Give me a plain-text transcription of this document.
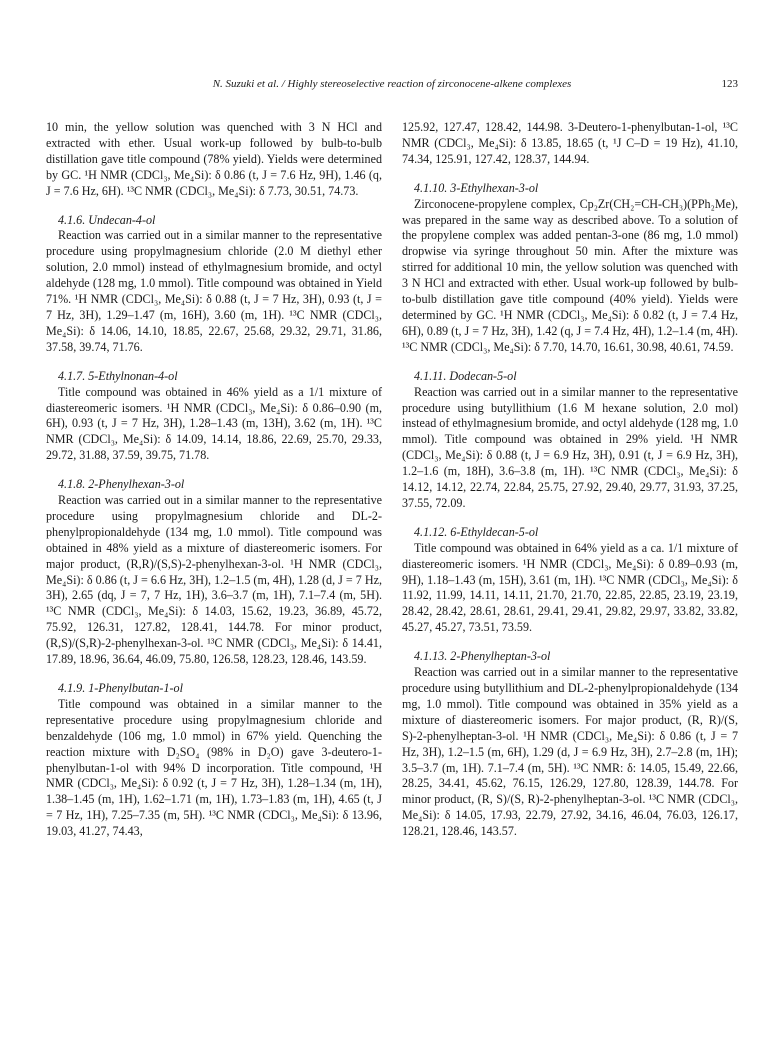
N. Suzuki et al. / Highly stereoselective reaction of zirconocene-alkene complexes	123

10 min, the yellow solution was quenched with 3 N HCl and extracted with ether. Usual work-up followed by bulb-to-bulb distillation gave title compound (78% yield). Yields were determined by GC. ¹H NMR (CDCl₃, Me₄Si): δ 0.86 (t, J = 7.6 Hz, 9H), 1.46 (q, J = 7.6 Hz, 6H). ¹³C NMR (CDCl₃, Me₄Si): δ 7.73, 30.51, 74.73.

4.1.6. Undecan-4-ol

Reaction was carried out in a similar manner to the representative procedure using propylmagnesium chloride (2.0 M diethyl ether solution, 2.0 mmol) instead of ethylmagnesium bromide, and octyl aldehyde (128 mg, 1.0 mmol). Title compound was obtained in Yield 71%. ¹H NMR (CDCl₃, Me₄Si): δ 0.88 (t, J = 7 Hz, 3H), 0.93 (t, J = 7 Hz, 3H), 1.29–1.47 (m, 16H), 3.60 (m, 1H). ¹³C NMR (CDCl₃, Me₄Si): δ 14.06, 14.10, 18.85, 22.67, 25.68, 29.32, 29.71, 31.86, 37.58, 39.74, 71.76.

4.1.7. 5-Ethylnonan-4-ol

Title compound was obtained in 46% yield as a 1/1 mixture of diastereomeric isomers. ¹H NMR (CDCl₃, Me₄Si): δ 0.86–0.90 (m, 6H), 0.93 (t, J = 7 Hz, 3H), 1.28–1.43 (m, 13H), 3.62 (m, 1H). ¹³C NMR (CDCl₃, Me₄Si): δ 14.09, 14.14, 18.86, 22.69, 25.70, 29.33, 29.72, 31.88, 37.59, 39.75, 71.78.

4.1.8. 2-Phenylhexan-3-ol

Reaction was carried out in a similar manner to the representative procedure using propylmagnesium chloride and DL-2-phenylpropionaldehyde (134 mg, 1.0 mmol). Title compound was obtained in 48% yield as a mixture of diastereomeric isomers. For major product, (R,R)/(S,S)-2-phenylhexan-3-ol. ¹H NMR (CDCl₃, Me₄Si): δ 0.86 (t, J = 6.6 Hz, 3H), 1.2–1.5 (m, 4H), 1.28 (d, J = 7 Hz, 3H), 2.65 (dq, J = 7, 7 Hz, 1H), 3.6–3.7 (m, 1H), 7.1–7.4 (m, 5H). ¹³C NMR (CDCl₃, Me₄Si): δ 14.03, 15.62, 19.23, 36.89, 45.72, 75.92, 126.31, 127.82, 128.41, 144.78. For minor product, (R,S)/(S,R)-2-phenylhexan-3-ol. ¹³C NMR (CDCl₃, Me₄Si): δ 14.41, 17.89, 18.96, 36.64, 46.09, 75.80, 126.58, 128.23, 128.46, 143.59.

4.1.9. 1-Phenylbutan-1-ol

Title compound was obtained in a similar manner to the representative procedure using propylmagnesium chloride and benzaldehyde (106 mg, 1.0 mmol) in 67% yield. Quenching the reaction mixture with D₂SO₄ (98% in D₂O) gave 3-deutero-1-phenylbutan-1-ol with 94% D incorporation. Title compound, ¹H NMR (CDCl₃, Me₄Si): δ 0.92 (t, J = 7 Hz, 3H), 1.28–1.34 (m, 1H), 1.38–1.45 (m, 1H), 1.62–1.71 (m, 1H), 1.73–1.83 (m, 1H), 4.65 (t, J = 7 Hz, 1H), 7.25–7.35 (m, 5H). ¹³C NMR (CDCl₃, Me₄Si): δ 13.96, 19.03, 41.27, 74.43,

125.92, 127.47, 128.42, 144.98. 3-Deutero-1-phenylbutan-1-ol, ¹³C NMR (CDCl₃, Me₄Si): δ 13.85, 18.65 (t, ¹J C–D = 19 Hz), 41.10, 74.34, 125.91, 127.42, 128.37, 144.94.

4.1.10. 3-Ethylhexan-3-ol

Zirconocene-propylene complex, Cp₂Zr(CH₂=CH-CH₃)(PPh₂Me), was prepared in the same way as described above. To a solution of the propylene complex was added pentan-3-one (86 mg, 1.0 mmol) dropwise via syringe throughout 50 min. After the mixture was stirred for additional 10 min, the yellow solution was quenched with 3 N HCl and extracted with ether. Usual work-up followed by bulb-to-bulb distillation gave title compound (40% yield). Yields were determined by GC. ¹H NMR (CDCl₃, Me₄Si): δ 0.82 (t, J = 7.4 Hz, 6H), 0.89 (t, J = 7 Hz, 3H), 1.42 (q, J = 7.4 Hz, 4H), 1.2–1.4 (m, 4H). ¹³C NMR (CDCl₃, Me₄Si): δ 7.70, 14.70, 16.61, 30.98, 40.61, 74.59.

4.1.11. Dodecan-5-ol

Reaction was carried out in a similar manner to the representative procedure using butyllithium (1.6 M hexane solution, 2.0 mol) instead of ethylmagnesium bromide, and octyl aldehyde (128 mg, 1.0 mmol). Title compound was obtained in 29% yield. ¹H NMR (CDCl₃, Me₄Si): δ 0.88 (t, J = 6.9 Hz, 3H), 0.91 (t, J = 6.9 Hz, 3H), 1.2–1.6 (m, 18H), 3.6–3.8 (m, 1H). ¹³C NMR (CDCl₃, Me₄Si): δ 14.12, 14.12, 22.74, 22.84, 25.75, 27.92, 29.40, 29.77, 31.93, 37.25, 37.55, 72.09.

4.1.12. 6-Ethyldecan-5-ol

Title compound was obtained in 64% yield as a ca. 1/1 mixture of diastereomeric isomers. ¹H NMR (CDCl₃, Me₄Si): δ 0.89–0.93 (m, 9H), 1.18–1.43 (m, 15H), 3.61 (m, 1H). ¹³C NMR (CDCl₃, Me₄Si): δ 11.92, 11.99, 14.11, 14.11, 21.70, 21.70, 22.85, 22.85, 23.19, 23.19, 28.42, 28.42, 28.61, 28.61, 29.41, 29.41, 29.82, 29.97, 33.82, 33.82, 45.27, 45.27, 73.51, 73.59.

4.1.13. 2-Phenylheptan-3-ol

Reaction was carried out in a similar manner to the representative procedure using butyllithium and DL-2-phenylpropionaldehyde (134 mg, 1.0 mmol). Title compound was obtained in 35% yield as a mixture of diastereomeric isomers. For major product, (R, R)/(S, S)-2-phenylheptan-3-ol. ¹H NMR (CDCl₃, Me₄Si): δ 0.86 (t, J = 7 Hz, 3H), 1.2–1.5 (m, 6H), 1.29 (d, J = 6.9 Hz, 3H), 2.7–2.8 (m, 1H); 3.5–3.7 (m, 1H). 7.1–7.4 (m, 5H). ¹³C NMR: δ: 14.05, 15.49, 22.66, 28.25, 34.41, 45.62, 76.15, 126.29, 127.80, 128.39, 144.78. For minor product, (R, S)/(S, R)-2-phenylheptan-3-ol. ¹³C NMR (CDCl₃, Me₄Si): δ 14.05, 17.93, 22.79, 27.92, 34.16, 46.04, 76.03, 126.17, 128.21, 128.46, 143.57.
